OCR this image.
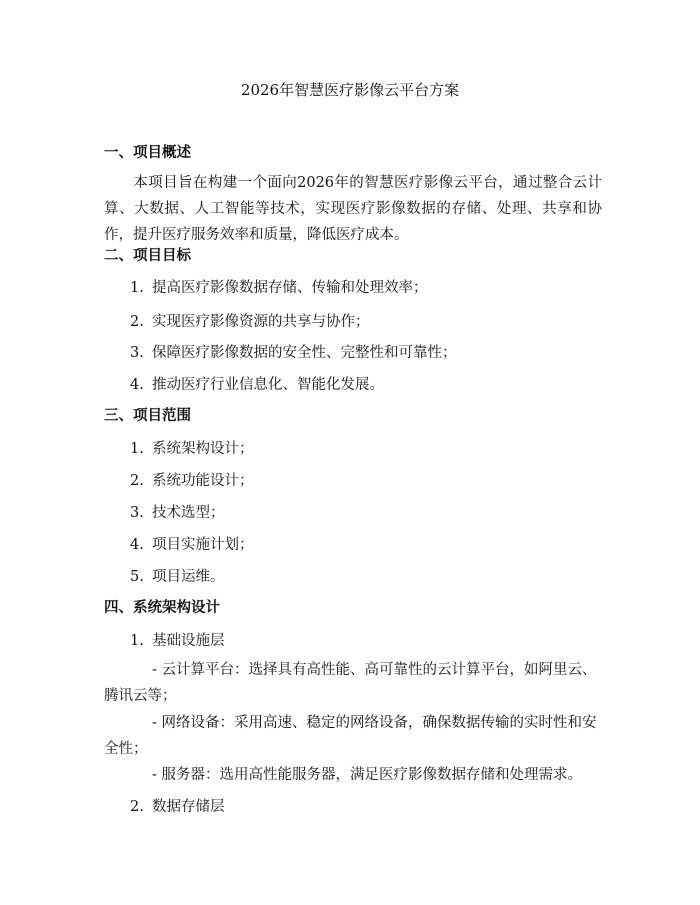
2026年智慧医疗影像云平台方案
一、项目概述
本项目旨在构建一个面向2026年的智慧医疗影像云平台，通过整合云计算、大数据、人工智能等技术，实现医疗影像数据的存储、处理、共享和协作，提升医疗服务效率和质量，降低医疗成本。
二、项目目标
1. 提高医疗影像数据存储、传输和处理效率；
2. 实现医疗影像资源的共享与协作；
3. 保障医疗影像数据的安全性、完整性和可靠性；
4. 推动医疗行业信息化、智能化发展。
三、项目范围
1. 系统架构设计；
2. 系统功能设计；
3. 技术选型；
4. 项目实施计划；
5. 项目运维。
四、系统架构设计
1. 基础设施层
- 云计算平台：选择具有高性能、高可靠性的云计算平台，如阿里云、腾讯云等；
- 网络设备：采用高速、稳定的网络设备，确保数据传输的实时性和安全性；
- 服务器：选用高性能服务器，满足医疗影像数据存储和处理需求。
2. 数据存储层
